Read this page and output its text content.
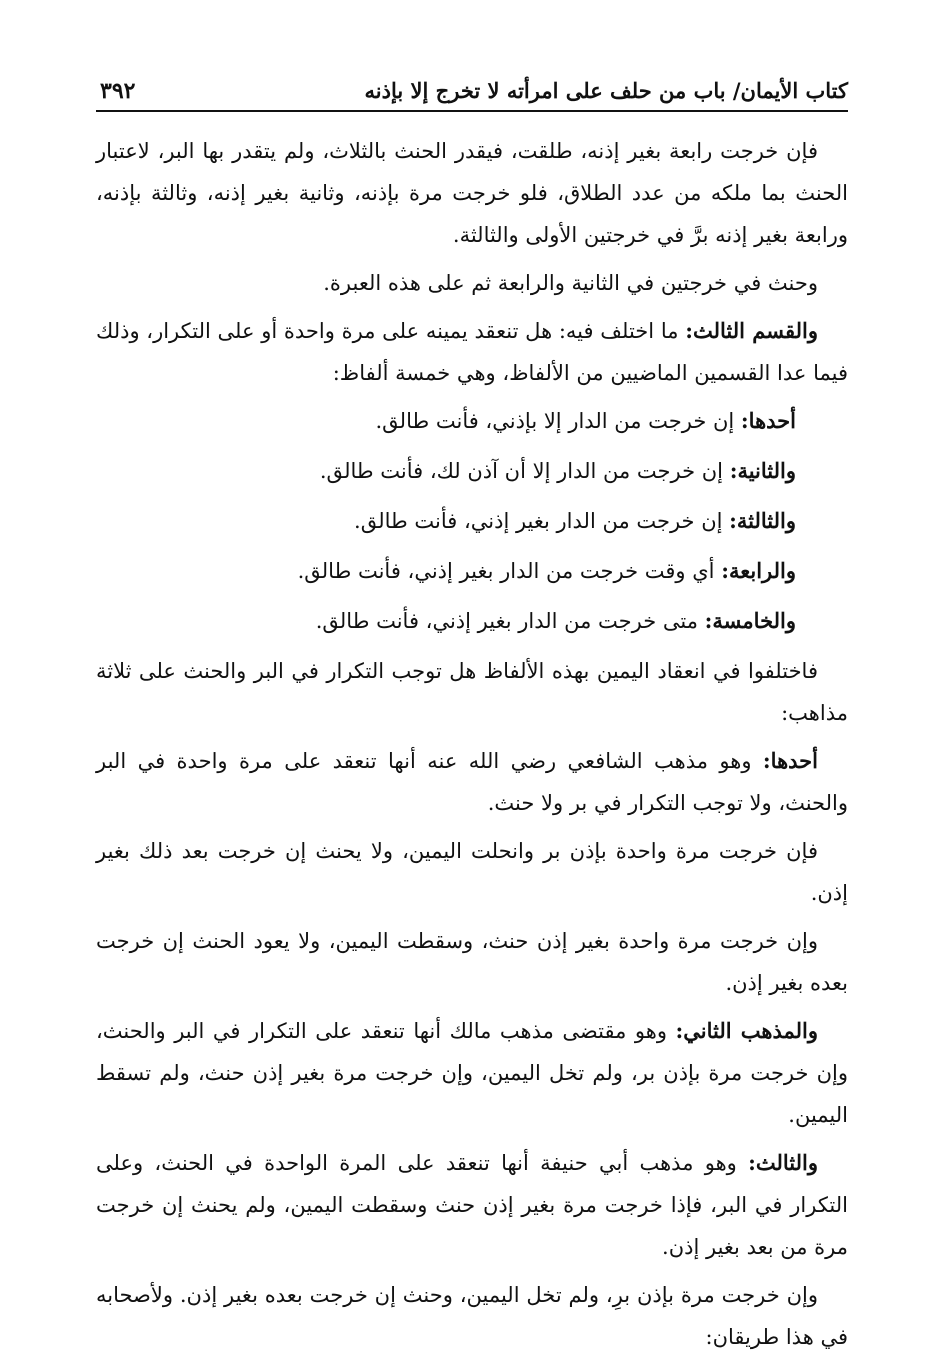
كتاب الأيمان/ باب من حلف على امرأته لا تخرج إلا بإذنه
٣٩٢

فإن خرجت رابعة بغير إذنه، طلقت، فيقدر الحنث بالثلاث، ولم يتقدر بها البر، لاعتبار الحنث بما ملكه من عدد الطلاق، فلو خرجت مرة بإذنه، وثانية بغير إذنه، وثالثة بإذنه، ورابعة بغير إذنه برَّ في خرجتين الأولى والثالثة.

وحنث في خرجتين في الثانية والرابعة ثم على هذه العبرة.

والقسم الثالث: ما اختلف فيه: هل تنعقد يمينه على مرة واحدة أو على التكرار، وذلك فيما عدا القسمين الماضيين من الألفاظ، وهي خمسة ألفاظ:

أحدها: إن خرجت من الدار إلا بإذني، فأنت طالق.

والثانية: إن خرجت من الدار إلا أن آذن لك، فأنت طالق.

والثالثة: إن خرجت من الدار بغير إذني، فأنت طالق.

والرابعة: أي وقت خرجت من الدار بغير إذني، فأنت طالق.

والخامسة: متى خرجت من الدار بغير إذني، فأنت طالق.

فاختلفوا في انعقاد اليمين بهذه الألفاظ هل توجب التكرار في البر والحنث على ثلاثة مذاهب:

أحدها: وهو مذهب الشافعي رضي الله عنه أنها تنعقد على مرة واحدة في البر والحنث، ولا توجب التكرار في بر ولا حنث.

فإن خرجت مرة واحدة بإذن بر وانحلت اليمين، ولا يحنث إن خرجت بعد ذلك بغير إذن.

وإن خرجت مرة واحدة بغير إذن حنث، وسقطت اليمين، ولا يعود الحنث إن خرجت بعده بغير إذن.

والمذهب الثاني: وهو مقتضى مذهب مالك أنها تنعقد على التكرار في البر والحنث، وإن خرجت مرة بإذن بر، ولم تخل اليمين، وإن خرجت مرة بغير إذن حنث، ولم تسقط اليمين.

والثالث: وهو مذهب أبي حنيفة أنها تنعقد على المرة الواحدة في الحنث، وعلى التكرار في البر، فإذا خرجت مرة بغير إذن حنث وسقطت اليمين، ولم يحنث إن خرجت مرة من بعد بغير إذن.

وإن خرجت مرة بإذن برِ، ولم تخل اليمين، وحنث إن خرجت بعده بغير إذن. ولأصحابه في هذا طريقان:
